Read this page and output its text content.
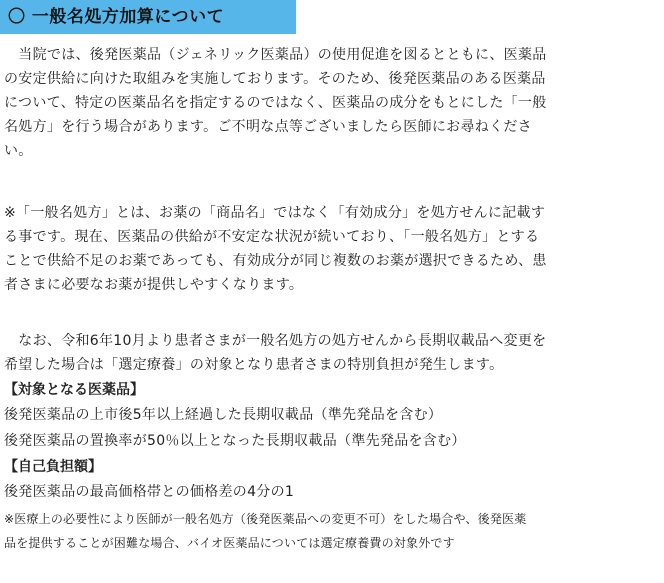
〇 一般名処方加算について
　当院では、後発医薬品（ジェネリック医薬品）の使用促進を図るとともに、医薬品
の安定供給に向けた取組みを実施しております。そのため、後発医薬品のある医薬品
について、特定の医薬品名を指定するのではなく、医薬品の成分をもとにした「一般
名処方」を行う場合があります。ご不明な点等ございましたら医師にお尋ねくださ
い。
※「一般名処方」とは、お薬の「商品名」ではなく「有効成分」を処方せんに記載す
る事です。現在、医薬品の供給が不安定な状況が続いており、「一般名処方」とする
ことで供給不足のお薬であっても、有効成分が同じ複数のお薬が選択できるため、患
者さまに必要なお薬が提供しやすくなります。
　なお、令和6年10月より患者さまが一般名処方の処方せんから長期収載品へ変更を
希望した場合は「選定療養」の対象となり患者さまの特別負担が発生します。
【対象となる医薬品】
後発医薬品の上市後5年以上経過した長期収載品（準先発品を含む）
後発医薬品の置換率が50％以上となった長期収載品（準先発品を含む）
【自己負担額】
後発医薬品の最高価格帯との価格差の4分の1
※医療上の必要性により医師が一般名処方（後発医薬品への変更不可）をした場合や、後発医薬
品を提供することが困難な場合、バイオ医薬品については選定療養費の対象外です
